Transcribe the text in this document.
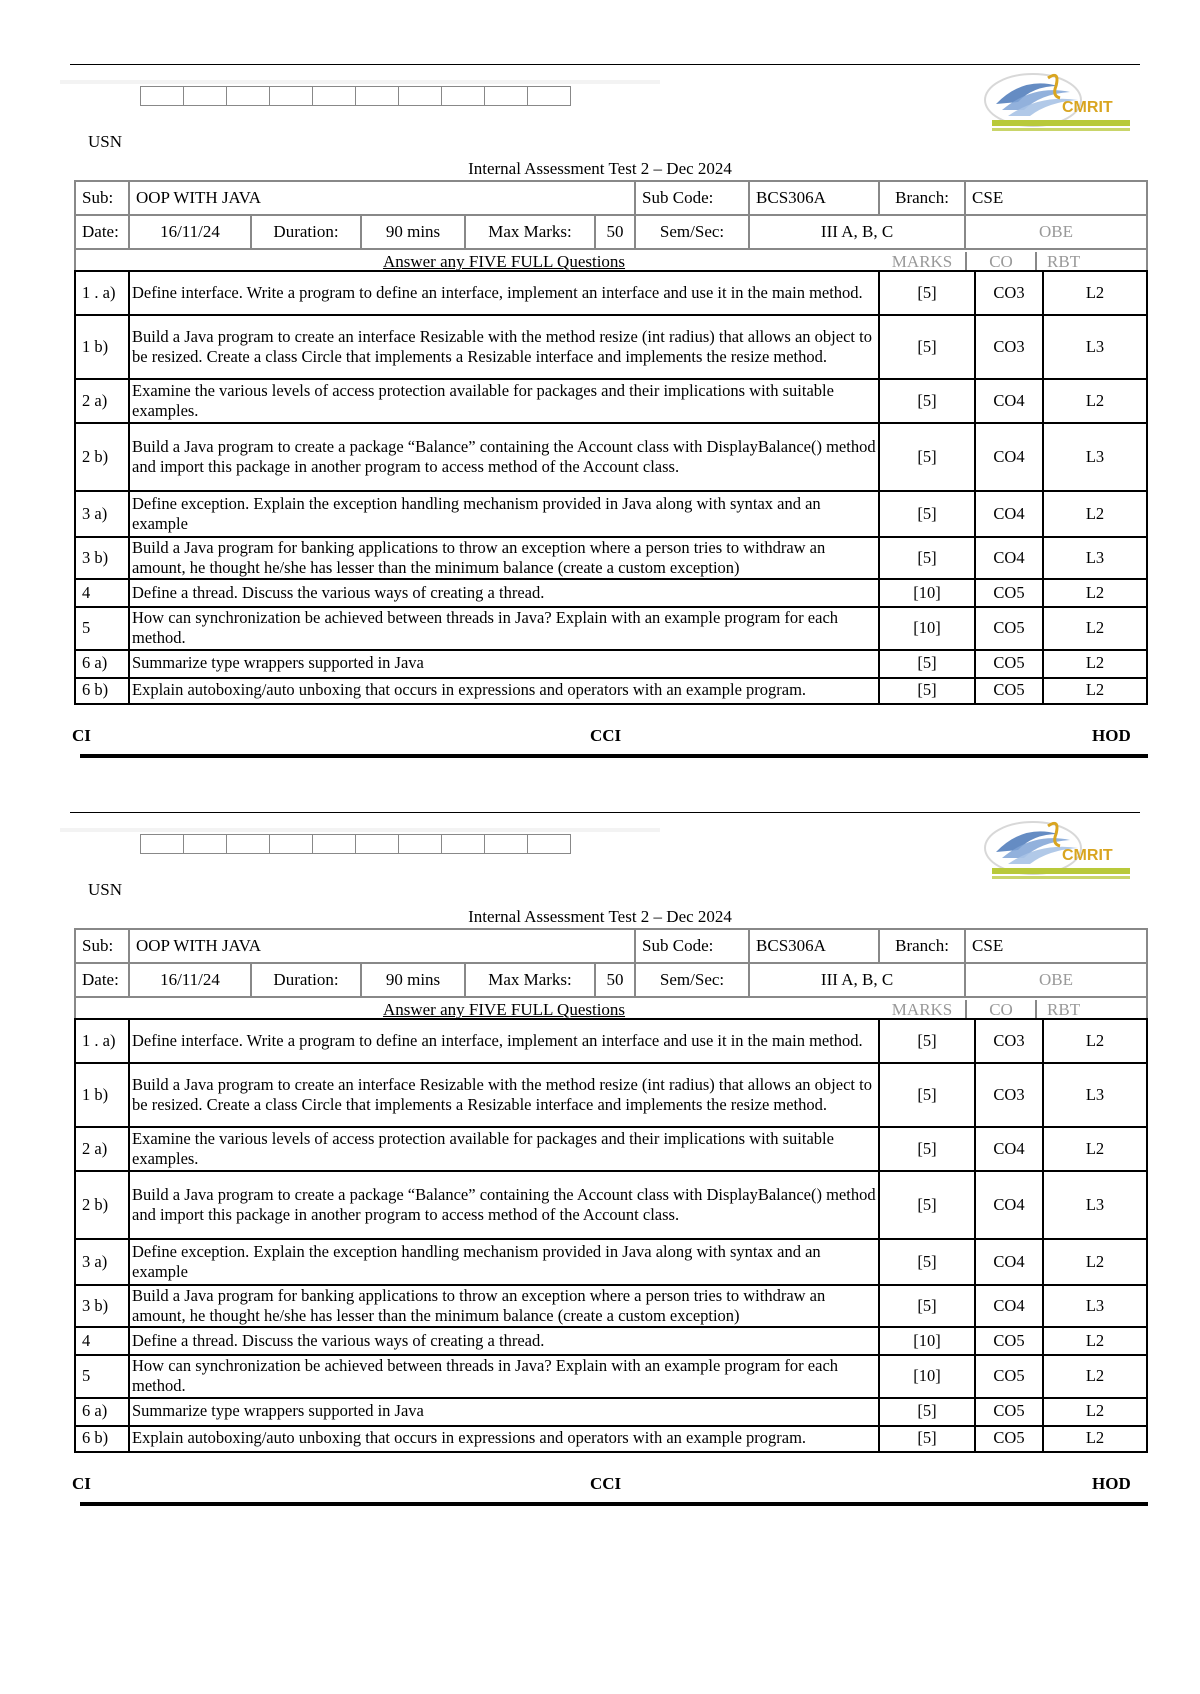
CMRIT
USN
Internal Assessment Test 2 – Dec 2024
Sub:	OOP WITH JAVA					Sub Code:	BCS306A	Branch:	CSE
Date:	16/11/24	Duration:	90 mins	Max Marks:	50	Sem/Sec:	III A, B, C		OBE
	Answer any FIVE FULL Questions							MARKS	CO RBT
1 . a)	Define interface. Write a program to define an interface, implement an interface and use it in the main method.	[5]	CO3	L2
1 b)	Build a Java program to create an interface Resizable with the method resize (int radius) that allows an object to be resized. Create a class Circle that implements a Resizable interface and implements the resize method.	[5]	CO3	L3
2 a)	Examine the various levels of access protection available for packages and their implications with suitable examples.	[5]	CO4	L2
2 b)	Build a Java program to create a package “Balance” containing the Account class with DisplayBalance() method and import this package in another program to access method of the Account class.	[5]	CO4	L3
3 a)	Define exception. Explain the exception handling mechanism provided in Java along with syntax and an example	[5]	CO4	L2
3 b)	Build a Java program for banking applications to throw an exception where a person tries to withdraw an amount, he thought he/she has lesser than the minimum balance (create a custom exception)	[5]	CO4	L3
4	Define a thread. Discuss the various ways of creating a thread.	[10]	CO5	L2
5	How can synchronization be achieved between threads in Java? Explain with an example program for each method.	[10]	CO5	L2
6 a)	Summarize type wrappers supported in Java	[5]	CO5	L2
6 b)	Explain autoboxing/auto unboxing that occurs in expressions and operators with an example program.	[5]	CO5	L2
CI	CCI	HOD
CMRIT
USN
Internal Assessment Test 2 – Dec 2024
Sub:	OOP WITH JAVA					Sub Code:	BCS306A	Branch:	CSE
Date:	16/11/24	Duration:	90 mins	Max Marks:	50	Sem/Sec:	III A, B, C		OBE
	Answer any FIVE FULL Questions							MARKS	CO RBT
1 . a)	Define interface. Write a program to define an interface, implement an interface and use it in the main method.	[5]	CO3	L2
1 b)	Build a Java program to create an interface Resizable with the method resize (int radius) that allows an object to be resized. Create a class Circle that implements a Resizable interface and implements the resize method.	[5]	CO3	L3
2 a)	Examine the various levels of access protection available for packages and their implications with suitable examples.	[5]	CO4	L2
2 b)	Build a Java program to create a package “Balance” containing the Account class with DisplayBalance() method and import this package in another program to access method of the Account class.	[5]	CO4	L3
3 a)	Define exception. Explain the exception handling mechanism provided in Java along with syntax and an example	[5]	CO4	L2
3 b)	Build a Java program for banking applications to throw an exception where a person tries to withdraw an amount, he thought he/she has lesser than the minimum balance (create a custom exception)	[5]	CO4	L3
4	Define a thread. Discuss the various ways of creating a thread.	[10]	CO5	L2
5	How can synchronization be achieved between threads in Java? Explain with an example program for each method.	[10]	CO5	L2
6 a)	Summarize type wrappers supported in Java	[5]	CO5	L2
6 b)	Explain autoboxing/auto unboxing that occurs in expressions and operators with an example program.	[5]	CO5	L2
CI	CCI	HOD
